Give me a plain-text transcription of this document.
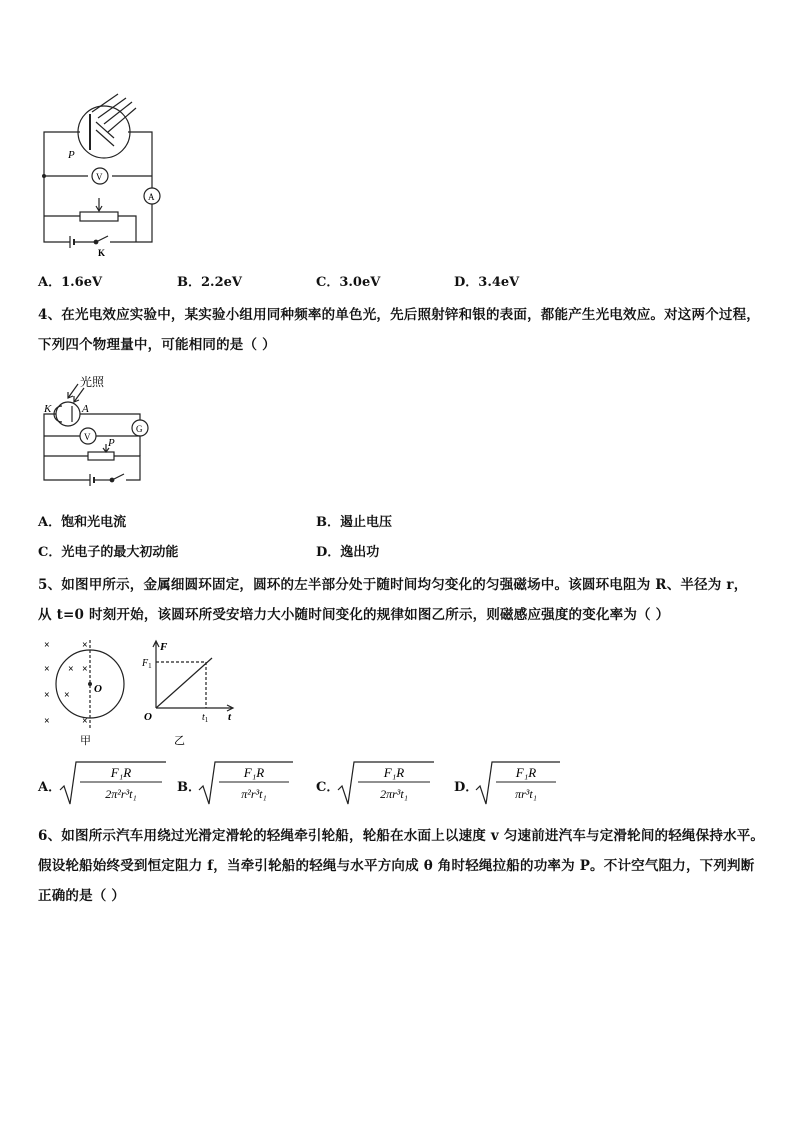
P
V
A
K
A．1.6eV	B．2.2eV	C．3.0eV	D．3.4eV
4、在光电效应实验中，某实验小组用同种频率的单色光，先后照射锌和银的表面，都能产生光电效应。对这两个过程，
下列四个物理量中，可能相同的是（ ）
光照
K	A
V
G
P
A．饱和光电流	B．遏止电压
C．光电子的最大初动能	D．逸出功
5、如图甲所示，金属细圆环固定，圆环的左半部分处于随时间均匀变化的匀强磁场中。该圆环电阻为 R、半径为 r，
从 t=0 时刻开始，该圆环所受安培力大小随时间变化的规律如图乙所示，则磁感应强度的变化率为（ ）
O
×	×
× × ×
× ×
×	×
甲
F
$F_1$
t
$t_1$
O
乙
A．
F₁R
2π²r³t₁	B．
F₁R
π²r³t₁	C．
F₁R
2πr³t₁	D．
F₁R
πr³t₁
6、如图所示汽车用绕过光滑定滑轮的轻绳牵引轮船，轮船在水面上以速度 v 匀速前进汽车与定滑轮间的轻绳保持水平。
假设轮船始终受到恒定阻力 f，当牵引轮船的轻绳与水平方向成 θ 角时轻绳拉船的功率为 P。不计空气阻力，下列判断
正确的是（ ）
